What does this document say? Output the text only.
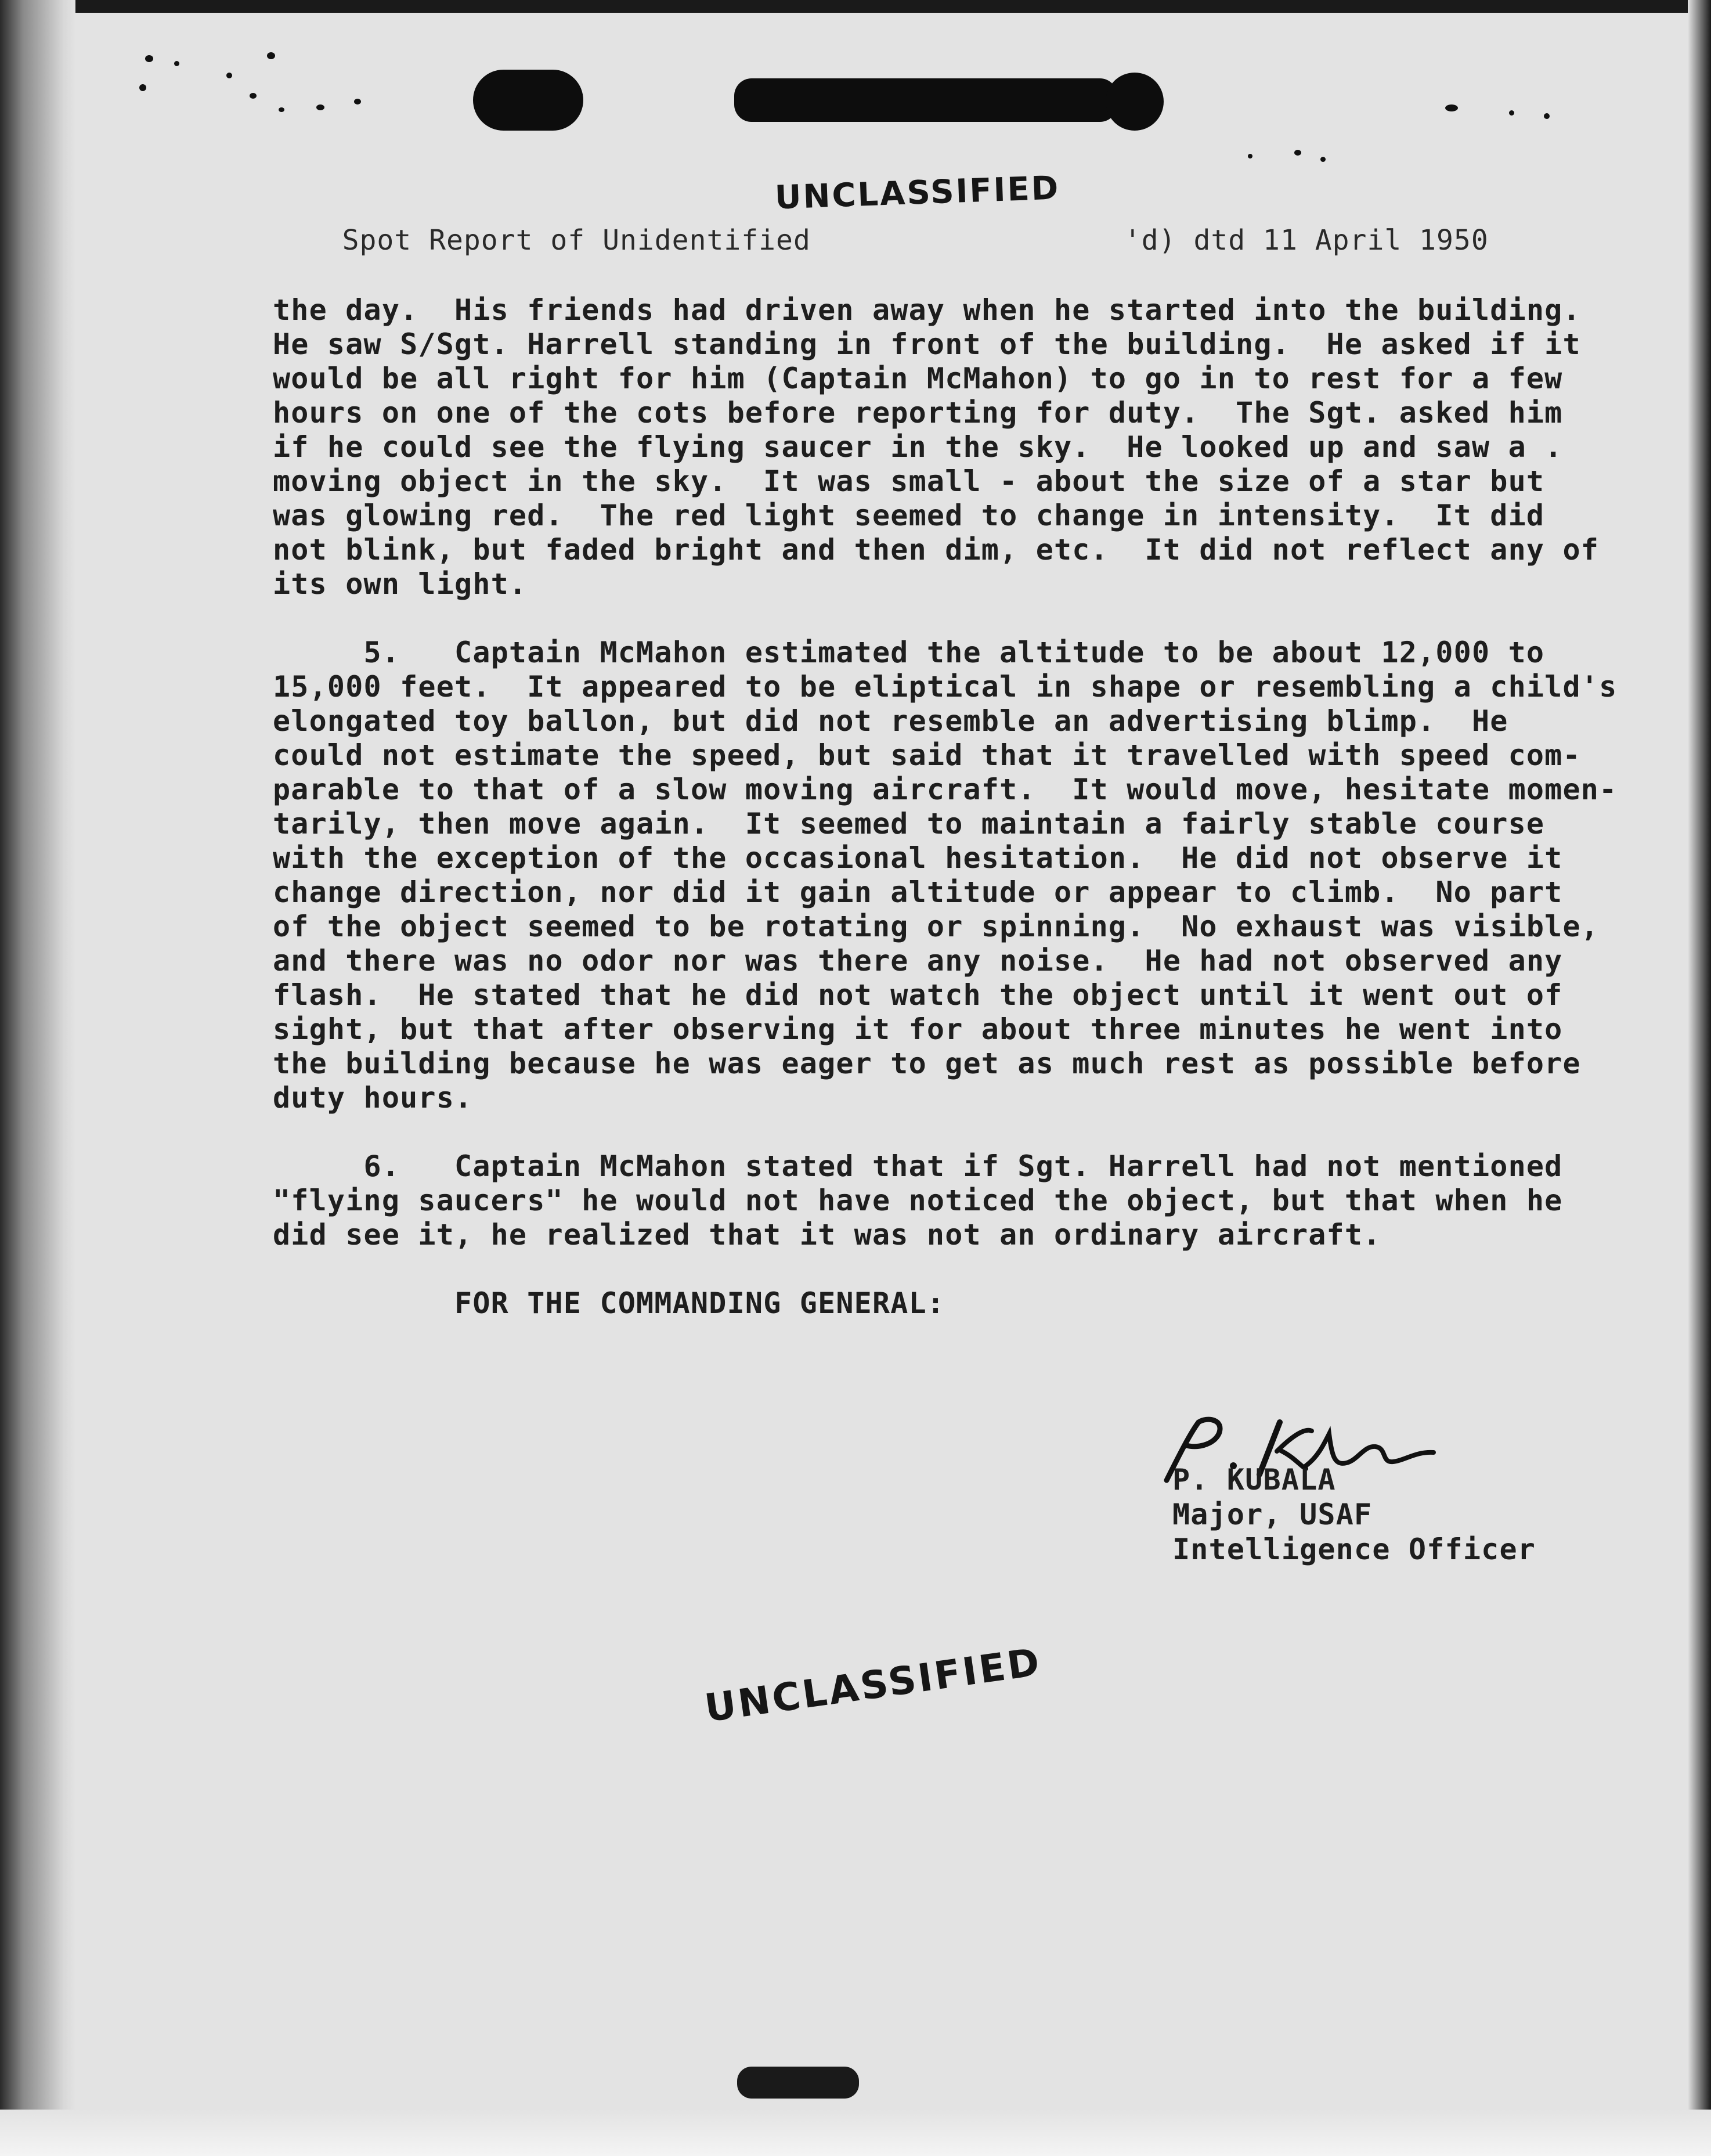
Spot Report of Unidentified	'd) dtd 11 April 1950

UNCLASSIFIED
the day.  His friends had driven away when he started into the building.
He saw S/Sgt. Harrell standing in front of the building.  He asked if it
would be all right for him (Captain McMahon) to go in to rest for a few
hours on one of the cots before reporting for duty.  The Sgt. asked him
if he could see the flying saucer in the sky.  He looked up and saw a .
moving object in the sky.  It was small - about the size of a star but
was glowing red.  The red light seemed to change in intensity.  It did
not blink, but faded bright and then dim, etc.  It did not reflect any of
its own light.
5.   Captain McMahon estimated the altitude to be about 12,000 to
15,000 feet.  It appeared to be eliptical in shape or resembling a child's
elongated toy ballon, but did not resemble an advertising blimp.  He
could not estimate the speed, but said that it travelled with speed com-
parable to that of a slow moving aircraft.  It would move, hesitate momen-
tarily, then move again.  It seemed to maintain a fairly stable course
with the exception of the occasional hesitation.  He did not observe it
change direction, nor did it gain altitude or appear to climb.  No part
of the object seemed to be rotating or spinning.  No exhaust was visible,
and there was no odor nor was there any noise.  He had not observed any
flash.  He stated that he did not watch the object until it went out of
sight, but that after observing it for about three minutes he went into
the building because he was eager to get as much rest as possible before
duty hours.
6.   Captain McMahon stated that if Sgt. Harrell had not mentioned
"flying saucers" he would not have noticed the object, but that when he
did see it, he realized that it was not an ordinary aircraft.
FOR THE COMMANDING GENERAL:
P. KUBALA
Major, USAF
Intelligence Officer
UNCLASSIFIED
